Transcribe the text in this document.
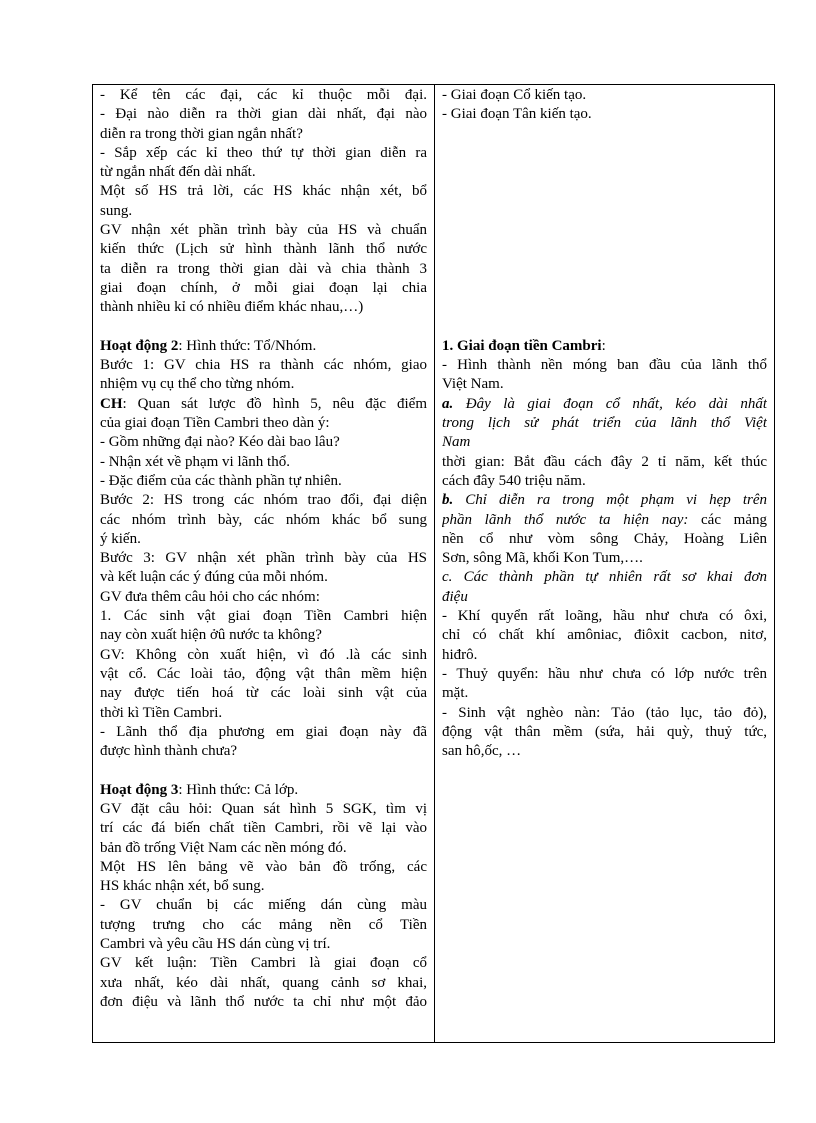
- Kể tên các đại, các kỉ thuộc mỗi đại.
- Đại nào diễn ra thời gian dài nhất, đại nào
diễn ra trong thời gian ngắn nhất?
- Sắp xếp các kỉ theo thứ tự thời gian diễn ra
từ ngắn nhất đến dài nhất.
Một số HS trả lời, các HS khác nhận xét, bổ
sung.
GV nhận xét phần trình bày của HS và chuẩn
kiến thức (Lịch sử hình thành lãnh thổ nước
ta diễn ra trong thời gian dài và chia thành 3
giai đoạn chính, ở mỗi giai đoạn lại chia
thành nhiều kỉ có nhiều điểm khác nhau,…)
Hoạt động 2: Hình thức: Tổ/Nhóm.
Bước 1: GV chia HS ra thành các nhóm, giao
nhiệm vụ cụ thể cho từng nhóm.
CH: Quan sát lược đồ hình 5, nêu đặc điểm
của giai đoạn Tiền Cambri theo dàn ý:
- Gồm những đại nào? Kéo dài bao lâu?
- Nhận xét về phạm vi lãnh thổ.
- Đặc điểm của các thành phần tự nhiên.
Bước 2: HS trong các nhóm trao đổi, đại diện
các nhóm trình bày, các nhóm khác bổ sung
ý kiến.
Bước 3: GV nhận xét phần trình bày của HS
và kết luận các ý đúng của mỗi nhóm.
GV đưa thêm câu hỏi cho các nhóm:
1. Các sinh vật giai đoạn Tiền Cambri hiện
nay còn xuất hiện ởû nước ta không?
GV: Không còn xuất hiện, vì đó .là các sinh
vật cổ. Các loài tảo, động vật thân mềm hiện
nay được tiến hoá từ các loài sinh vật của
thời kì Tiền Cambri.
- Lãnh thổ địa phương em giai đoạn này đã
được hình thành chưa?
Hoạt động 3: Hình thức: Cả lớp.
GV đặt câu hỏi: Quan sát hình 5 SGK, tìm vị
trí các đá biến chất tiền Cambri, rồi vẽ lại vào
bản đồ trống Việt Nam các nền móng đó.
Một HS lên bảng vẽ vào bản đồ trống, các
HS khác nhận xét, bổ sung.
- GV chuẩn bị các miếng dán cùng màu
tượng trưng cho các mảng nền cổ Tiền
Cambri và yêu cầu HS dán cùng vị trí.
GV kết luận: Tiền Cambri là giai đoạn cổ
xưa nhất, kéo dài nhất, quang cảnh sơ khai,
đơn điệu và lãnh thổ nước ta chỉ như một đảo
- Giai đoạn Cổ kiến tạo.
- Giai đoạn Tân kiến tạo.
1. Giai đoạn tiền Cambri:
- Hình thành nền móng ban đầu của lãnh thổ
Việt Nam.
a. Đây là giai đoạn cổ nhất, kéo dài nhất
trong lịch sử phát triển của lãnh thổ Việt
Nam
thời gian: Bắt đầu cách đây 2 tỉ năm, kết thúc
cách đây 540 triệu năm.
b. Chỉ diễn ra trong một phạm vi hẹp trên
phần lãnh thổ nước ta hiện nay: các mảng
nền cổ như vòm sông Chảy, Hoàng Liên
Sơn, sông Mã, khối Kon Tum,….
c. Các thành phần tự nhiên rất sơ khai đơn
điệu
- Khí quyển rất loãng, hầu như chưa có ôxi,
chỉ có chất khí amôniac, điôxit cacbon, nitơ,
hiđrô.
- Thuỷ quyển: hầu như chưa có lớp nước trên
mặt.
- Sinh vật nghèo nàn: Tảo (tảo lục, tảo đỏ),
động vật thân mềm (sứa, hải quỳ, thuỷ tức,
san hô,ốc, …
